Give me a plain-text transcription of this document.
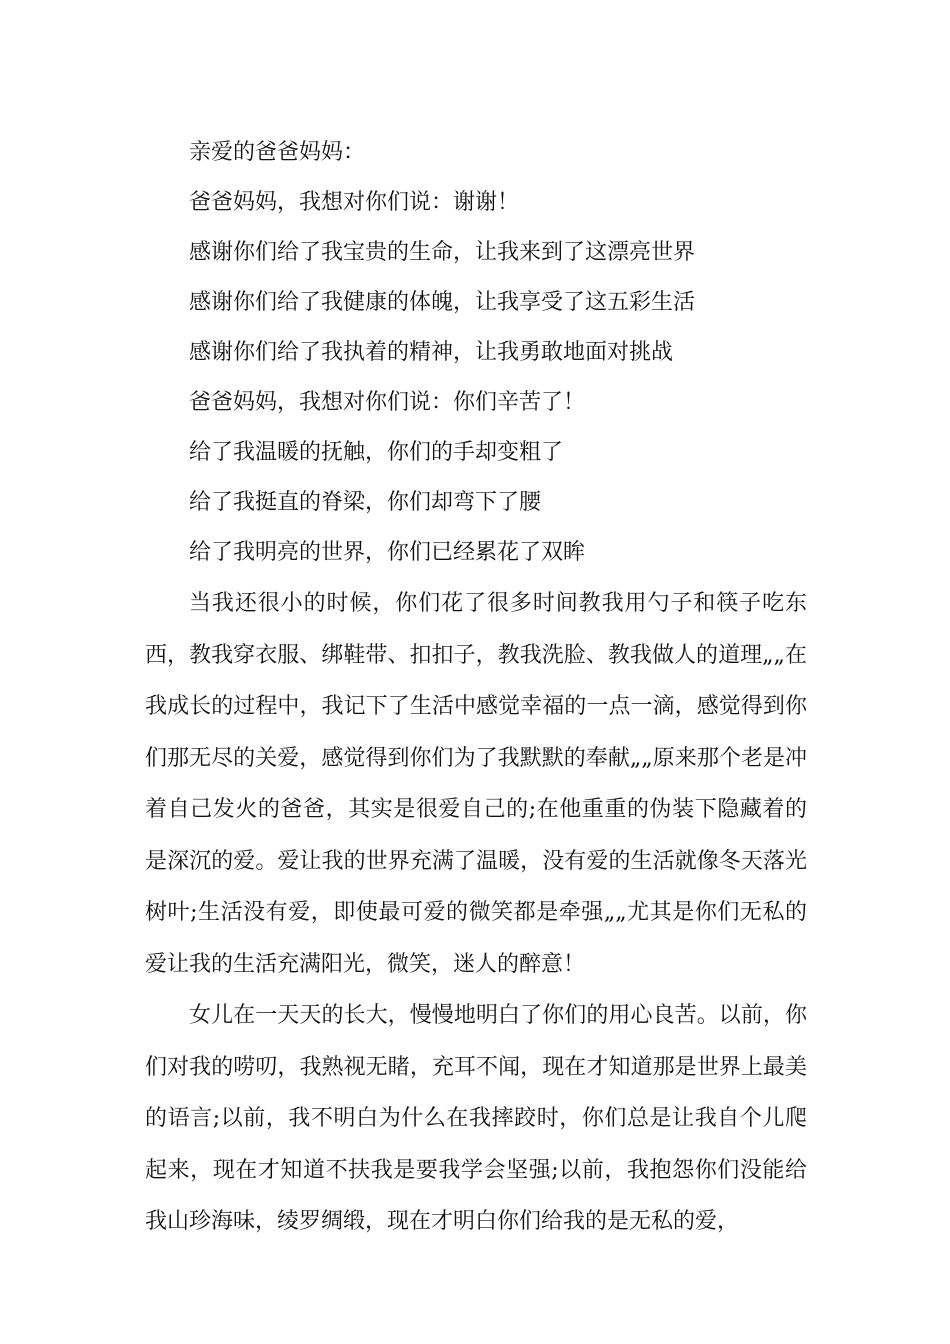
亲爱的爸爸妈妈：

爸爸妈妈，我想对你们说：谢谢！

感谢你们给了我宝贵的生命，让我来到了这漂亮世界

感谢你们给了我健康的体魄，让我享受了这五彩生活

感谢你们给了我执着的精神，让我勇敢地面对挑战

爸爸妈妈，我想对你们说：你们辛苦了！

给了我温暖的抚触，你们的手却变粗了

给了我挺直的脊梁，你们却弯下了腰

给了我明亮的世界，你们已经累花了双眸

当我还很小的时候，你们花了很多时间教我用勺子和筷子吃东西，教我穿衣服、绑鞋带、扣扣子，教我洗脸、教我做人的道理„„在我成长的过程中，我记下了生活中感觉幸福的一点一滴，感觉得到你们那无尽的关爱，感觉得到你们为了我默默的奉献„„原来那个老是冲着自己发火的爸爸，其实是很爱自己的;在他重重的伪装下隐藏着的是深沉的爱。爱让我的世界充满了温暖，没有爱的生活就像冬天落光树叶;生活没有爱，即使最可爱的微笑都是牵强„„尤其是你们无私的爱让我的生活充满阳光，微笑，迷人的醉意！

女儿在一天天的长大，慢慢地明白了你们的用心良苦。以前，你们对我的唠叨，我熟视无睹，充耳不闻，现在才知道那是世界上最美的语言;以前，我不明白为什么在我摔跤时，你们总是让我自个儿爬起来，现在才知道不扶我是要我学会坚强;以前，我抱怨你们没能给我山珍海味，绫罗绸缎，现在才明白你们给我的是无私的爱，
